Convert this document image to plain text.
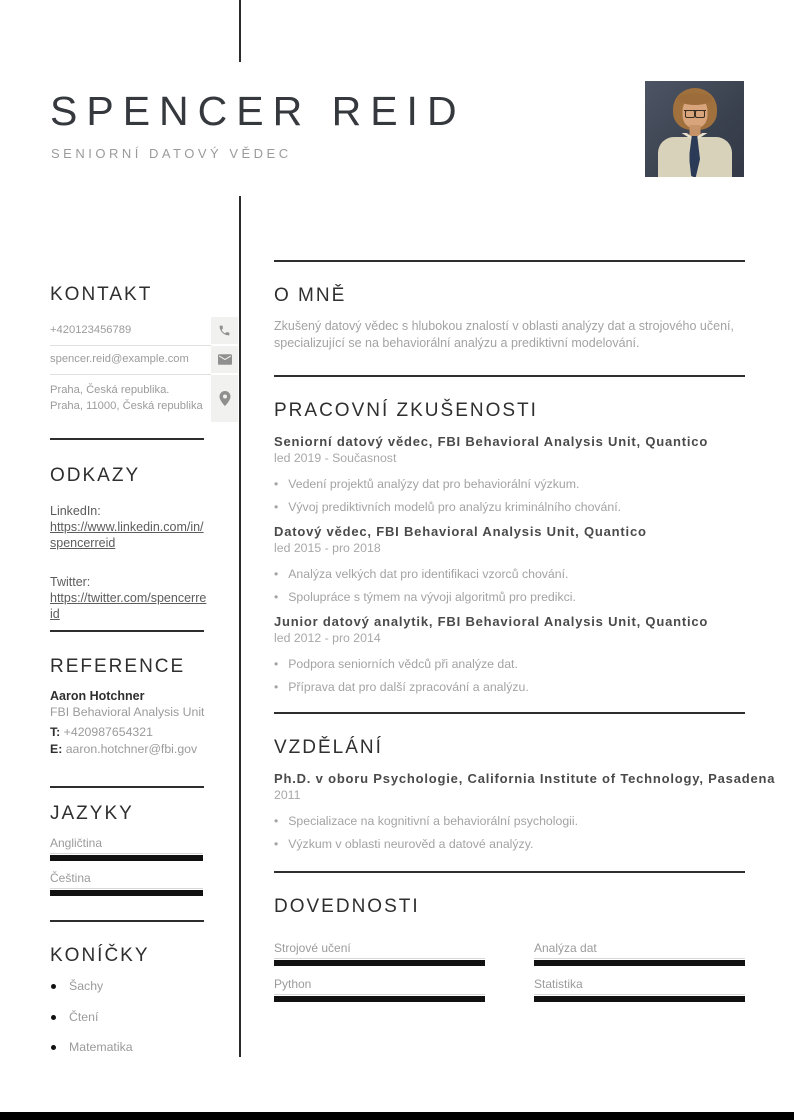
SPENCER REID
SENIORNÍ DATOVÝ VĚDEC
KONTAKT
+420123456789
spencer.reid@example.com
Praha, Česká republika.
Praha, 11000, Česká republika
ODKAZY
LinkedIn:
https://www.linkedin.com/in/spencerreid
Twitter:
https://twitter.com/spencerreid
REFERENCE
Aaron Hotchner
FBI Behavioral Analysis Unit
T: +420987654321
E: aaron.hotchner@fbi.gov
JAZYKY
Angličtina
Čeština
KONÍČKY
Šachy
Čtení
Matematika
O MNĚ
Zkušený datový vědec s hlubokou znalostí v oblasti analýzy dat a strojového učení, specializující se na behaviorální analýzu a prediktivní modelování.
PRACOVNÍ ZKUŠENOSTI
Seniorní datový vědec, FBI Behavioral Analysis Unit, Quantico
led 2019 - Současnost
• Vedení projektů analýzy dat pro behaviorální výzkum.
• Vývoj prediktivních modelů pro analýzu kriminálního chování.
Datový vědec, FBI Behavioral Analysis Unit, Quantico
led 2015 - pro 2018
• Analýza velkých dat pro identifikaci vzorců chování.
• Spolupráce s týmem na vývoji algoritmů pro predikci.
Junior datový analytik, FBI Behavioral Analysis Unit, Quantico
led 2012 - pro 2014
• Podpora seniorních vědců při analýze dat.
• Příprava dat pro další zpracování a analýzu.
VZDĚLÁNÍ
Ph.D. v oboru Psychologie, California Institute of Technology, Pasadena
2011
• Specializace na kognitivní a behaviorální psychologii.
• Výzkum v oblasti neurověd a datové analýzy.
DOVEDNOSTI
Strojové učení
Python
Analýza dat
Statistika
